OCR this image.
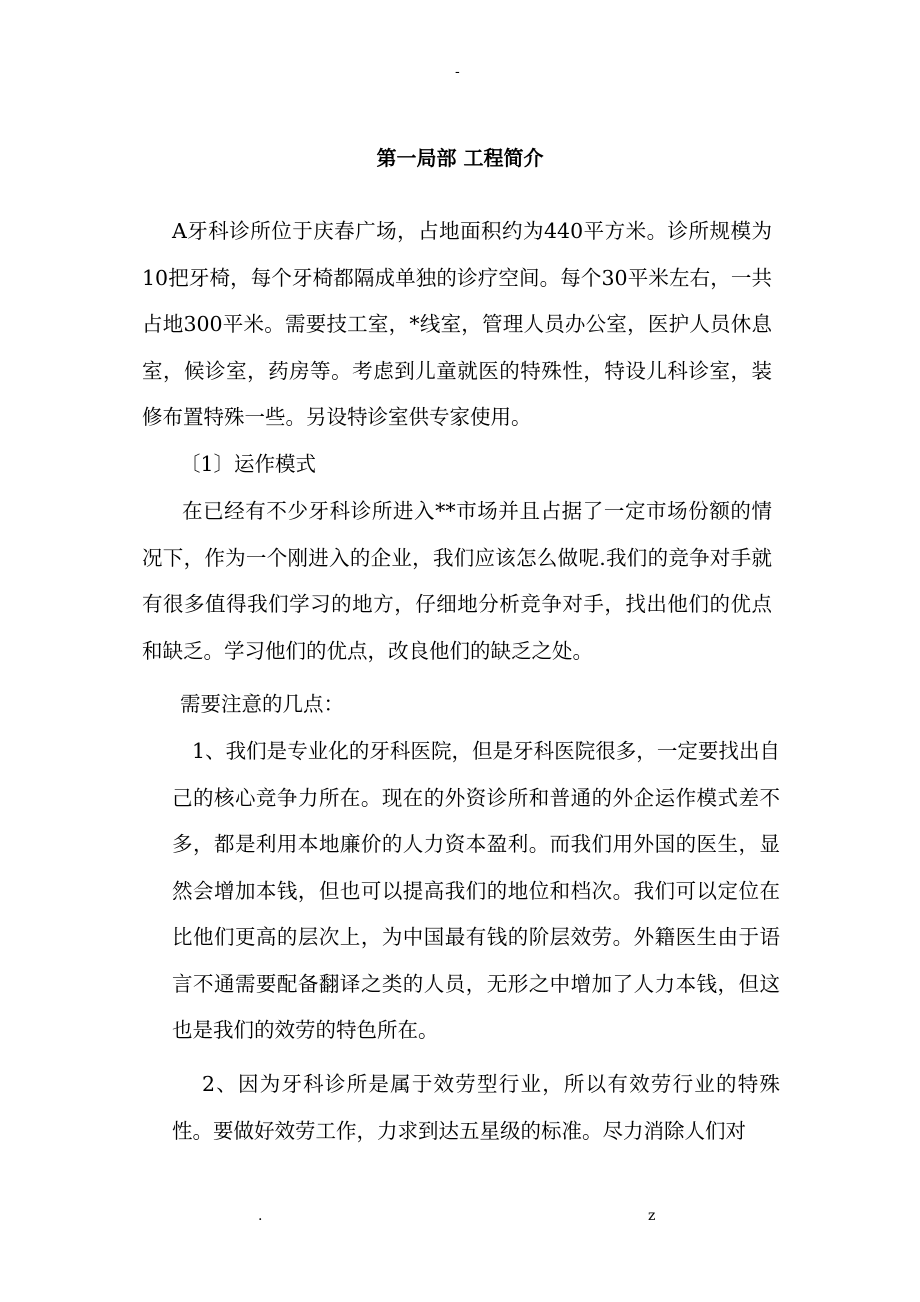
-
第一局部 工程简介

A牙科诊所位于庆春广场，占地面积约为440平方米。诊所规模为10把牙椅，每个牙椅都隔成单独的诊疗空间。每个30平米左右，一共占地300平米。需要技工室，*线室，管理人员办公室，医护人员休息室，候诊室，药房等。考虑到儿童就医的特殊性，特设儿科诊室，装修布置特殊一些。另设特诊室供专家使用。

〔1〕运作模式

在已经有不少牙科诊所进入**市场并且占据了一定市场份额的情况下，作为一个刚进入的企业，我们应该怎么做呢.我们的竞争对手就有很多值得我们学习的地方，仔细地分析竞争对手，找出他们的优点和缺乏。学习他们的优点，改良他们的缺乏之处。

需要注意的几点：

1、我们是专业化的牙科医院，但是牙科医院很多，一定要找出自己的核心竞争力所在。现在的外资诊所和普通的外企运作模式差不多，都是利用本地廉价的人力资本盈利。而我们用外国的医生，显然会增加本钱，但也可以提高我们的地位和档次。我们可以定位在比他们更高的层次上，为中国最有钱的阶层效劳。外籍医生由于语言不通需要配备翻译之类的人员，无形之中增加了人力本钱，但这也是我们的效劳的特色所在。

2、因为牙科诊所是属于效劳型行业，所以有效劳行业的特殊性。要做好效劳工作，力求到达五星级的标准。尽力消除人们对

.	z
